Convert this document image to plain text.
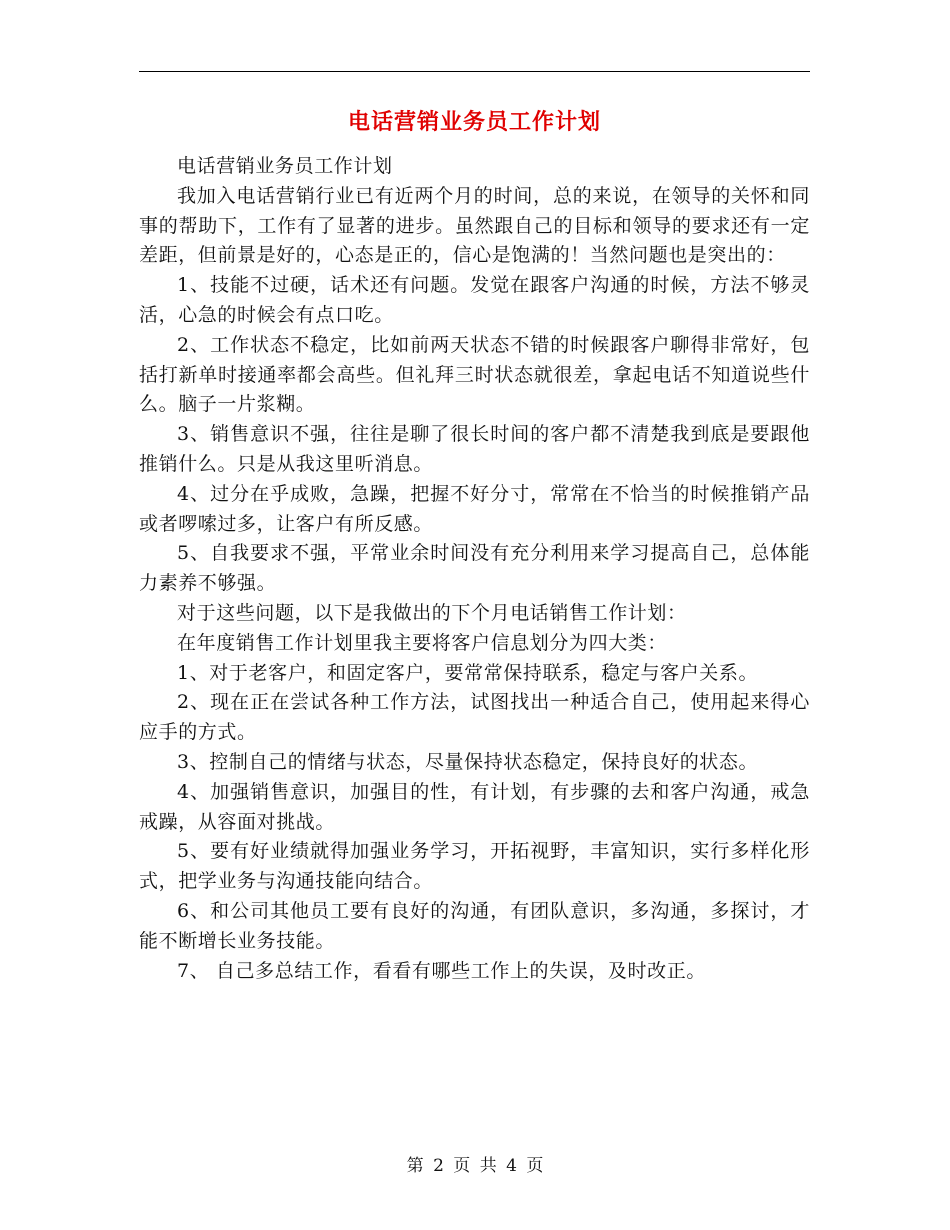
电话营销业务员工作计划

电话营销业务员工作计划

我加入电话营销行业已有近两个月的时间，总的来说，在领导的关怀和同事的帮助下，工作有了显著的进步。虽然跟自己的目标和领导的要求还有一定差距，但前景是好的，心态是正的，信心是饱满的！当然问题也是突出的：

1、技能不过硬，话术还有问题。发觉在跟客户沟通的时候，方法不够灵活，心急的时候会有点口吃。

2、工作状态不稳定，比如前两天状态不错的时候跟客户聊得非常好，包括打新单时接通率都会高些。但礼拜三时状态就很差，拿起电话不知道说些什么。脑子一片浆糊。

3、销售意识不强，往往是聊了很长时间的客户都不清楚我到底是要跟他推销什么。只是从我这里听消息。

4、过分在乎成败，急躁，把握不好分寸，常常在不恰当的时候推销产品或者啰嗦过多，让客户有所反感。

5、自我要求不强，平常业余时间没有充分利用来学习提高自己，总体能力素养不够强。

对于这些问题，以下是我做出的下个月电话销售工作计划：

在年度销售工作计划里我主要将客户信息划分为四大类：

1、对于老客户，和固定客户，要常常保持联系，稳定与客户关系。

2、现在正在尝试各种工作方法，试图找出一种适合自己，使用起来得心应手的方式。

3、控制自己的情绪与状态，尽量保持状态稳定，保持良好的状态。

4、加强销售意识，加强目的性，有计划，有步骤的去和客户沟通，戒急戒躁，从容面对挑战。

5、要有好业绩就得加强业务学习，开拓视野，丰富知识，实行多样化形式，把学业务与沟通技能向结合。

6、和公司其他员工要有良好的沟通，有团队意识，多沟通，多探讨，才能不断增长业务技能。

7、 自己多总结工作，看看有哪些工作上的失误，及时改正。

第 2 页 共 4 页
